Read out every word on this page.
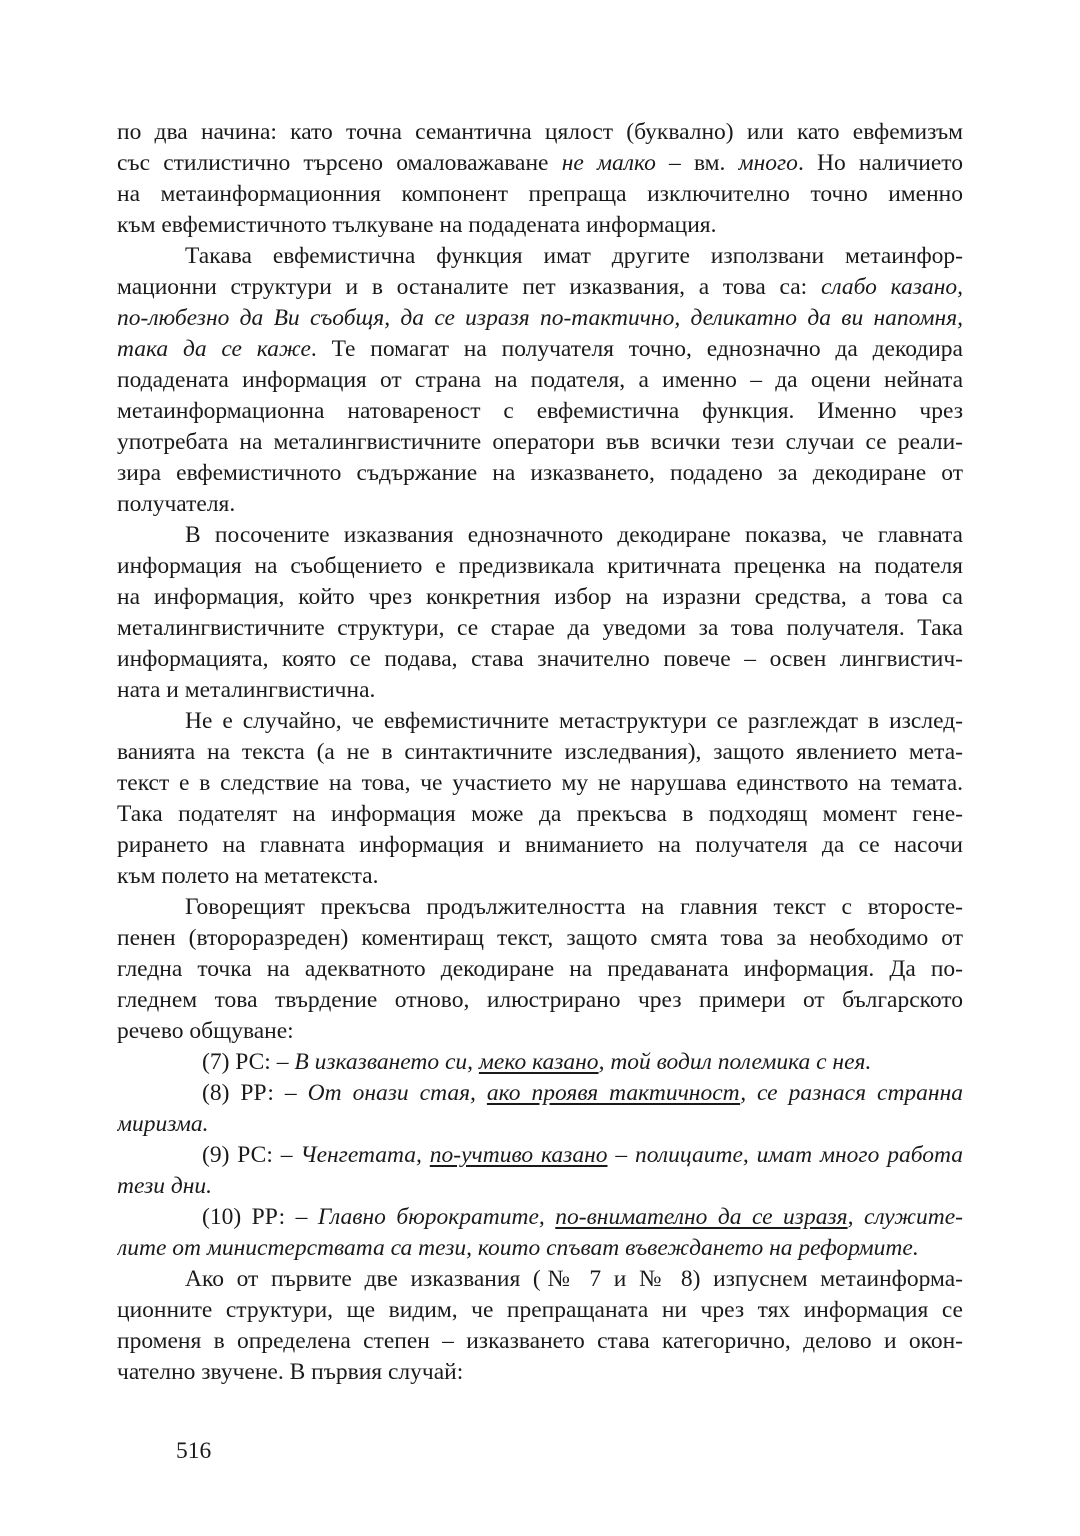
по два начина: като точна семантична цялост (буквално) или като евфемизъм
със стилистично търсено омаловажаване не малко – вм. много. Но наличието
на метаинформационния компонент препраща изключително точно именно
към евфемистичното тълкуване на подадената информация.
Такава евфемистична функция имат другите използвани метаинфор-
мационни структури и в останалите пет изказвания, а това са: слабо казано,
по-любезно да Ви съобщя, да се изразя по-тактично, деликатно да ви напомня,
така да се каже. Те помагат на получателя точно, еднозначно да декодира
подадената информация от страна на подателя, а именно – да оцени нейната
метаинформационна натовареност с евфемистична функция. Именно чрез
употребата на металингвистичните оператори във всички тези случаи се реали-
зира евфемистичното съдържание на изказването, подадено за декодиране от
получателя.
В посочените изказвания еднозначното декодиране показва, че главната
информация на съобщението е предизвикала критичната преценка на подателя
на информация, който чрез конкретния избор на изразни средства, а това са
металингвистичните структури, се старае да уведоми за това получателя. Така
информацията, която се подава, става значително повече – освен лингвистич-
ната и металингвистична.
Не е случайно, че евфемистичните метаструктури се разглеждат в изслед-
ванията на текста (а не в синтактичните изследвания), защото явлението мета-
текст е в следствие на това, че участието му не нарушава единството на темата.
Така подателят на информация може да прекъсва в подходящ момент гене-
рирането на главната информация и вниманието на получателя да се насочи
към полето на метатекста.
Говорещият прекъсва продължителността на главния текст с второсте-
пенен (второразреден) коментиращ текст, защото смята това за необходимо от
гледна точка на адекватното декодиране на предаваната информация. Да по-
гледнем това твърдение отново, илюстрирано чрез примери от българското
речево общуване:
(7) РС: – В изказването си, меко казано, той водил полемика с нея.
(8) РР: – От онази стая, ако проявя тактичност, се разнася странна
миризма.
(9) РС: – Ченгетата, по-учтиво казано – полицаите, имат много работа
тези дни.
(10) РР: – Главно бюрократите, по-внимателно да се изразя, служите-
лите от министерствата са тези, които спъват въвеждането на реформите.
Ако от първите две изказвания (№ 7 и № 8) изпуснем метаинформа-
ционните структури, ще видим, че препращаната ни чрез тях информация се
променя в определена степен – изказването става категорично, делово и окон-
чателно звучене. В първия случай:
516
